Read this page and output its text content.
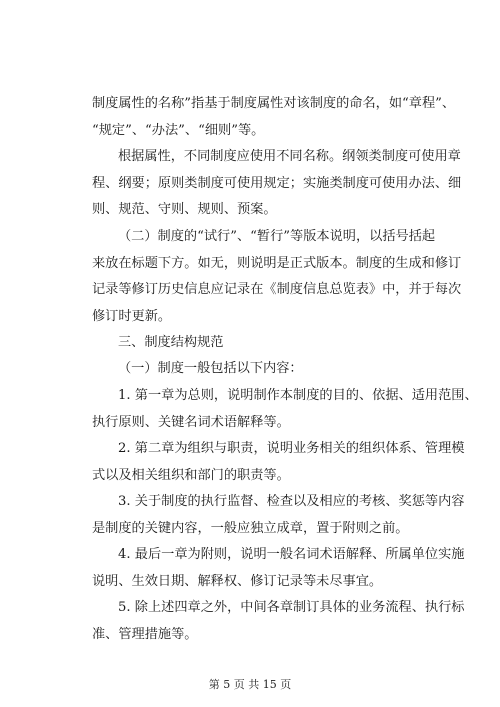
制度属性的名称”指基于制度属性对该制度的命名，如“章程”、
“规定”、“办法”、“细则”等。
根据属性，不同制度应使用不同名称。纲领类制度可使用章
程、纲要；原则类制度可使用规定；实施类制度可使用办法、细
则、规范、守则、规则、预案。
（二）制度的“试行”、“暂行”等版本说明，以括号括起
来放在标题下方。如无，则说明是正式版本。制度的生成和修订
记录等修订历史信息应记录在《制度信息总览表》中，并于每次
修订时更新。
三、制度结构规范
（一）制度一般包括以下内容：
1. 第一章为总则，说明制作本制度的目的、依据、适用范围、
执行原则、关键名词术语解释等。
2. 第二章为组织与职责，说明业务相关的组织体系、管理模
式以及相关组织和部门的职责等。
3. 关于制度的执行监督、检查以及相应的考核、奖惩等内容
是制度的关键内容，一般应独立成章，置于附则之前。
4. 最后一章为附则，说明一般名词术语解释、所属单位实施
说明、生效日期、解释权、修订记录等未尽事宜。
5. 除上述四章之外，中间各章制订具体的业务流程、执行标
准、管理措施等。
第 5 页 共 15 页
